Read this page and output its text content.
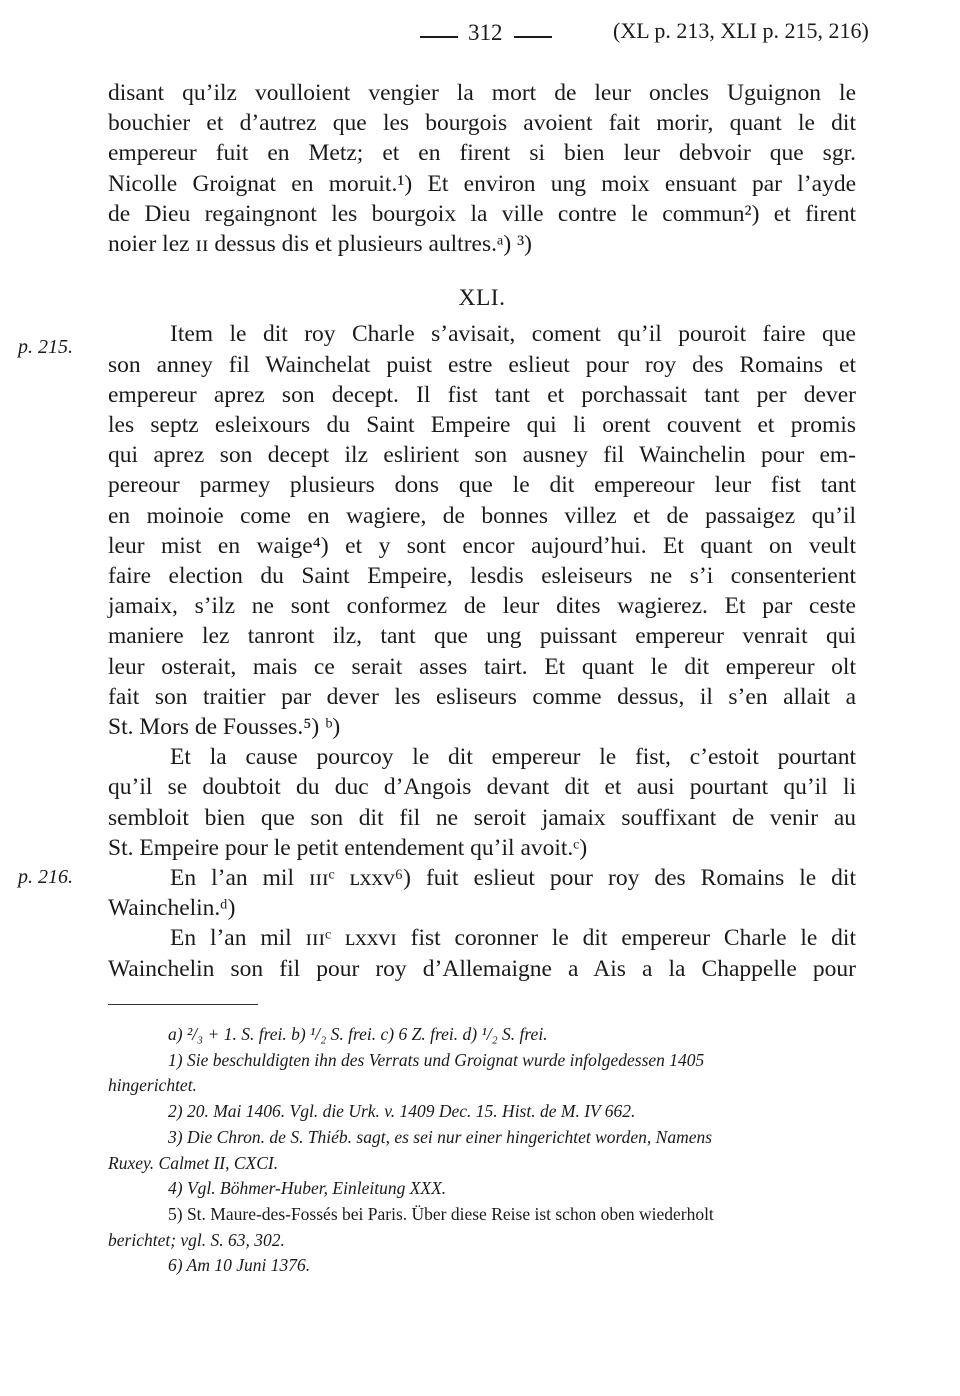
312	(XL p. 213, XLI p. 215, 216)
p. 215.
p. 216.

disant qu’ilz voulloient vengier la mort de leur oncles Uguignon le
bouchier et d’autrez que les bourgois avoient fait morir, quant le dit
empereur fuit en Metz; et en firent si bien leur debvoir que sgr.
Nicolle Groignat en moruit.¹) Et environ ung moix ensuant par l’ayde
de Dieu regaingnont les bourgoix la ville contre le commun²) et firent
noier lez ɪɪ dessus dis et plusieurs aultres.ᵃ) ³)

XLI.

Item le dit roy Charle s’avisait, coment qu’il pouroit faire que
son anney fil Wainchelat puist estre eslieut pour roy des Romains et
empereur aprez son decept. Il fist tant et porchassait tant per dever
les septz esleixours du Saint Empeire qui li orent couvent et promis
qui aprez son decept ilz eslirient son ausney fil Wainchelin pour em-
pereour parmey plusieurs dons que le dit empereour leur fist tant
en moinoie come en wagiere, de bonnes villez et de passaigez qu’il
leur mist en waige⁴) et y sont encor aujourd’hui. Et quant on veult
faire election du Saint Empeire, lesdis esleiseurs ne s’i consenterient
jamaix, s’ilz ne sont conformez de leur dites wagierez. Et par ceste
maniere lez tanront ilz, tant que ung puissant empereur venrait qui
leur osterait, mais ce serait asses tairt. Et quant le dit empereur olt
fait son traitier par dever les esliseurs comme dessus, il s’en allait a
St. Mors de Fousses.⁵) ᵇ)

Et la cause pourcoy le dit empereur le fist, c’estoit pourtant
qu’il se doubtoit du duc d’Angois devant dit et ausi pourtant qu’il li
sembloit bien que son dit fil ne seroit jamaix souffixant de venir au
St. Empeire pour le petit entendement qu’il avoit.ᶜ)

En l’an mil ɪɪɪᶜ ʟxxv⁶) fuit eslieut pour roy des Romains le dit
Wainchelin.ᵈ)

En l’an mil ɪɪɪᶜ ʟxxvɪ fist coronner le dit empereur Charle le dit
Wainchelin son fil pour roy d’Allemaigne a Ais a la Chappelle pour

a) ²/₃ + 1. S. frei. b) ¹/₂ S. frei. c) 6 Z. frei. d) ¹/₂ S. frei.

1) Sie beschuldigten ihn des Verrats und Groignat wurde infolgedessen 1405
hingerichtet.

2) 20. Mai 1406. Vgl. die Urk. v. 1409 Dec. 15. Hist. de M. IV 662.

3) Die Chron. de S. Thiéb. sagt, es sei nur einer hingerichtet worden, Namens
Ruxey. Calmet II, CXCI.

4) Vgl. Böhmer-Huber, Einleitung XXX.

5) St. Maure-des-Fossés bei Paris. Über diese Reise ist schon oben wiederholt
berichtet; vgl. S. 63, 302.

6) Am 10 Juni 1376.
